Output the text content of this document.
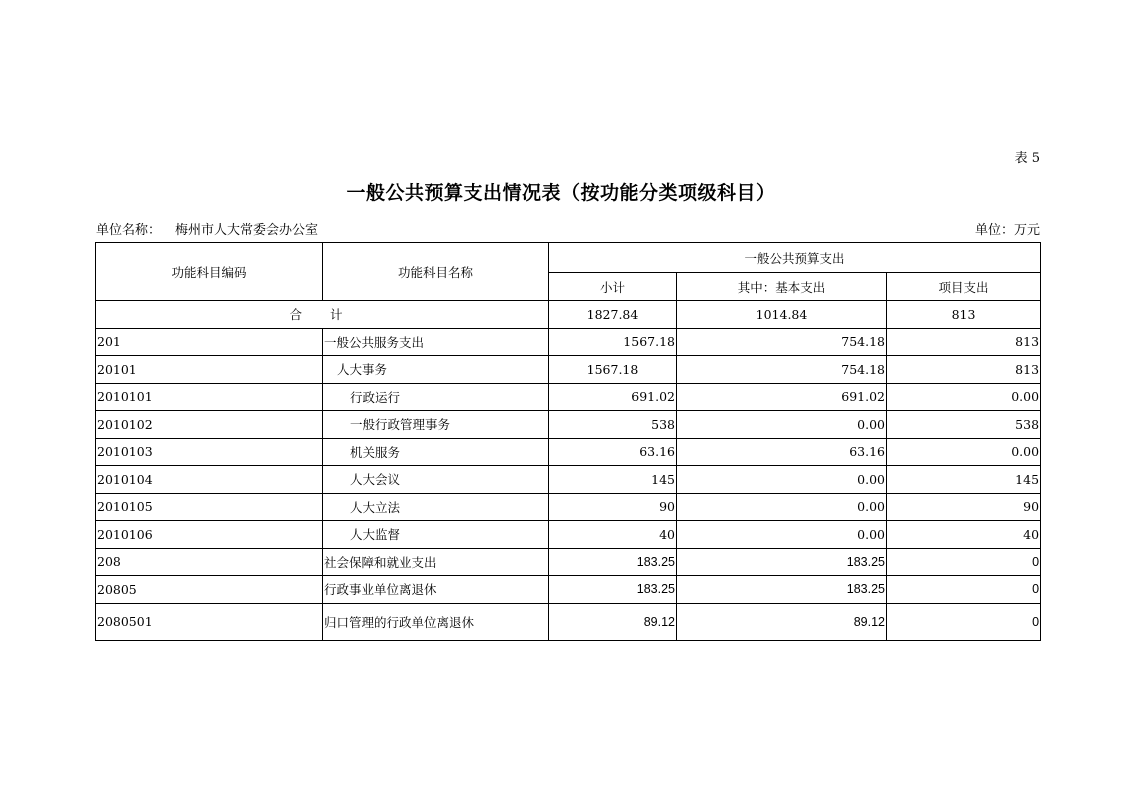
表 5
一般公共预算支出情况表（按功能分类项级科目）
单位名称： 梅州市人大常委会办公室	单位：万元
功能科目编码	功能科目名称	一般公共预算支出		
		小计	其中：基本支出	项目支出
合 计		1827.84	1014.84	813
201	一般公共服务支出	1567.18	754.18	813
20101	人大事务	1567.18	754.18	813
2010101	行政运行	691.02	691.02	0.00
2010102	一般行政管理事务	538	0.00	538
2010103	机关服务	63.16	63.16	0.00
2010104	人大会议	145	0.00	145
2010105	人大立法	90	0.00	90
2010106	人大监督	40	0.00	40
208	社会保障和就业支出	183.25	183.25	0
20805	行政事业单位离退休	183.25	183.25	0
2080501	归口管理的行政单位离退休	89.12	89.12	0
